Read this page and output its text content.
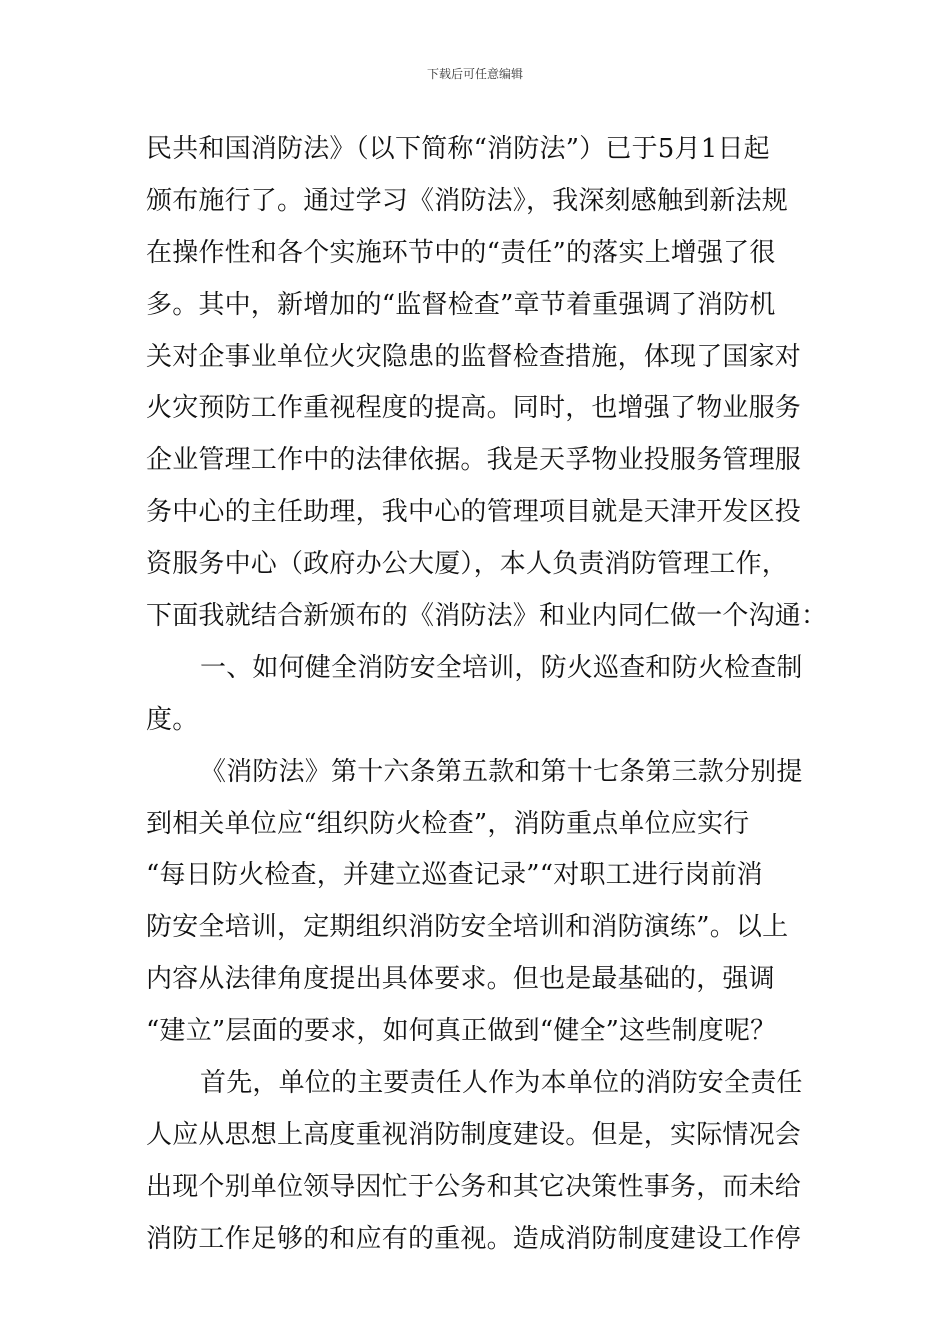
下载后可任意编辑
民共和国消防法》（以下简称“消防法”）已于5月1日起
颁布施行了。通过学习《消防法》，我深刻感触到新法规
在操作性和各个实施环节中的“责任”的落实上增强了很
多。其中，新增加的“监督检查”章节着重强调了消防机
关对企事业单位火灾隐患的监督检查措施，体现了国家对
火灾预防工作重视程度的提高。同时，也增强了物业服务
企业管理工作中的法律依据。我是天孚物业投服务管理服
务中心的主任助理，我中心的管理项目就是天津开发区投
资服务中心（政府办公大厦），本人负责消防管理工作，
下面我就结合新颁布的《消防法》和业内同仁做一个沟通：
一、如何健全消防安全培训，防火巡查和防火检查制
度。
《消防法》第十六条第五款和第十七条第三款分别提
到相关单位应“组织防火检查”，消防重点单位应实行
“每日防火检查，并建立巡查记录”“对职工进行岗前消
防安全培训，定期组织消防安全培训和消防演练”。以上
内容从法律角度提出具体要求。但也是最基础的，强调
“建立”层面的要求，如何真正做到“健全”这些制度呢？
首先，单位的主要责任人作为本单位的消防安全责任
人应从思想上高度重视消防制度建设。但是，实际情况会
出现个别单位领导因忙于公务和其它决策性事务，而未给
消防工作足够的和应有的重视。造成消防制度建设工作停
